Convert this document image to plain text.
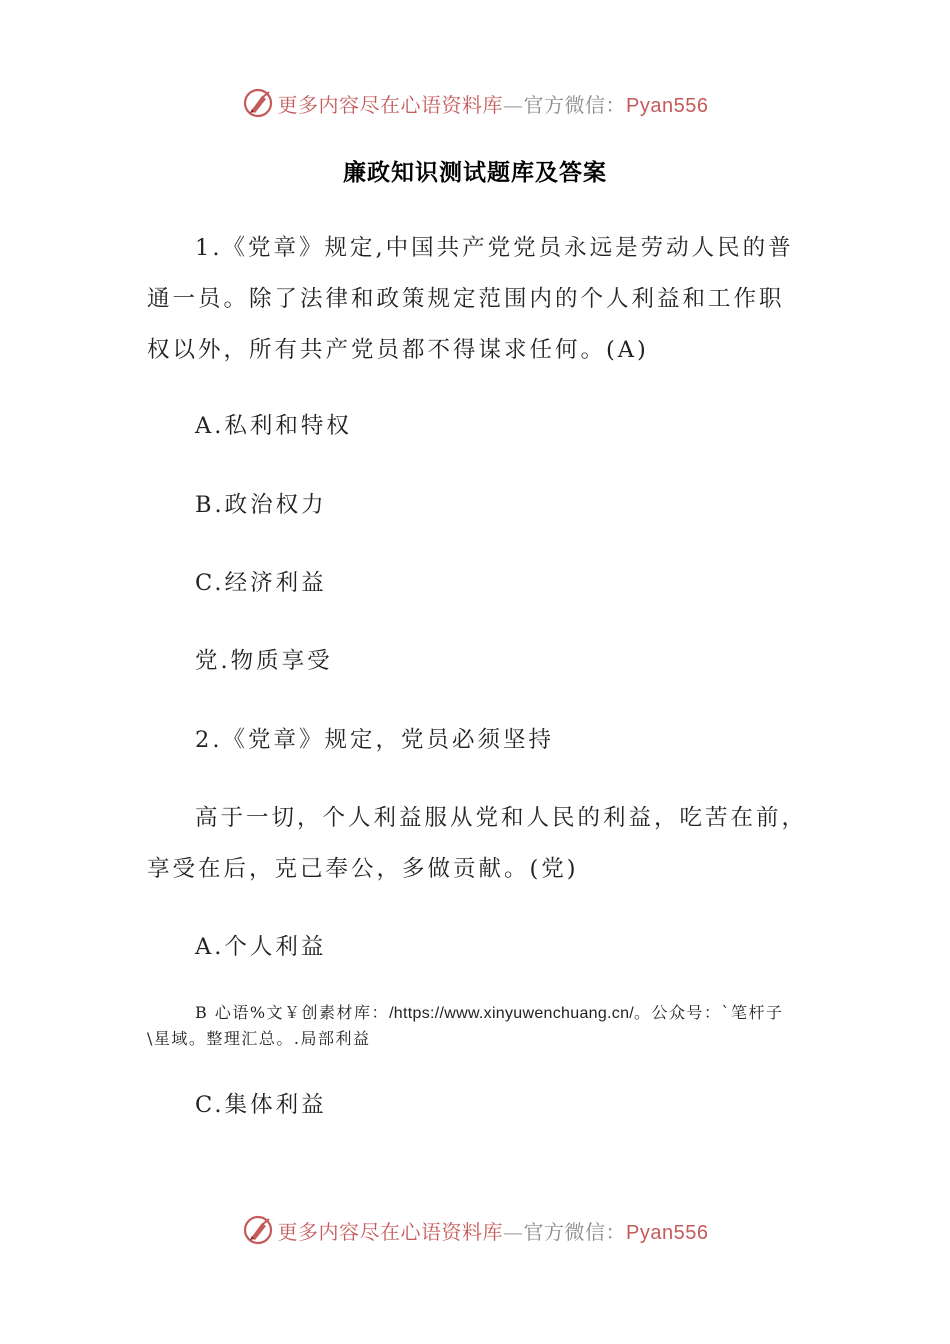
更多内容尽在心语资料库—官方微信：Pyan556
廉政知识测试题库及答案
1.《党章》规定,中国共产党党员永远是劳动人民的普通一员。除了法律和政策规定范围内的个人利益和工作职权以外，所有共产党员都不得谋求任何。(A)
A.私利和特权
B.政治权力
C.经济利益
党.物质享受
2.《党章》规定，党员必须坚持
高于一切，个人利益服从党和人民的利益，吃苦在前，享受在后，克己奉公，多做贡献。(党)
A.个人利益
B 心语%文￥创素材库：/https://www.xinyuwenchuang.cn/。公众号：`笔杆子\星域。整理汇总。.局部利益
C.集体利益
更多内容尽在心语资料库—官方微信：Pyan556
